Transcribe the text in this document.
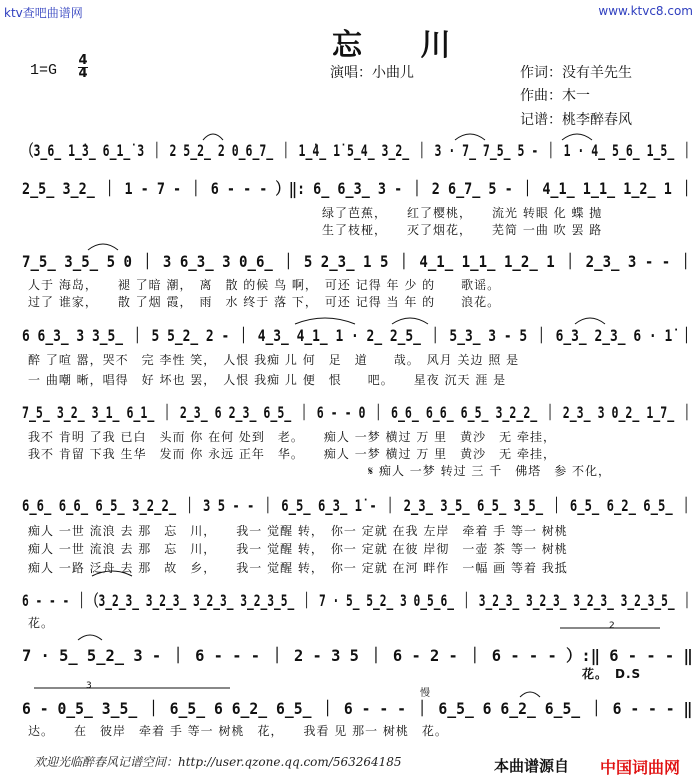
ktv查吧曲谱网	www.ktvc8.com
忘 川
1=G
4
4	演唱：小曲儿	作词：没有羊先生
作曲：木一
记谱：桃李醉春风
（3̲6̲ 1̲̇3̲ 6̲1̲̇ 3 ｜ 2 5̲2̲ 2 0̲6̲7̲ ｜ 1̲̇4̲ 1̇ 5̲4̲ 3̲2̲ ｜ 3 · 7̲ 7̲5̲ 5 - ｜ 1 · 4̲ 5̲6̲ 1̲5̲ ｜
2̲5̲ 3̲2̲ ｜ 1 - 7 - ｜ 6 - - - ）‖: 6̲ 6̲3̲ 3 - ｜ 2 6̲7̲ 5 - ｜ 4̲1̲ 1̲1̲ 1̲2̲ 1 ｜
绿了芭蕉，　　红了樱桃，　　流光 转眼 化 蝶 抛
生了枝桠，　　灭了烟花，　　芜简 一曲 吹 罢 路
7̲5̲ 3̲5̲ 5 0 ｜ 3 6̲3̲ 3 0̲6̲ ｜ 5 2̲3̲ 1 5 ｜ 4̲1̲ 1̲1̲ 1̲2̲ 1 ｜ 2̲3̲ 3 - - ｜
人于 海岛，　　褪 了暗 潮，　离　散 的候 鸟 啊，　可还 记得 年 少 的　　歌谣。
过了 谁家，　　散 了烟 霞，　雨　水 终于 落 下，　可还 记得 当 年 的　　浪花。
6 6̲3̲ 3 3̲5̲ ｜ 5 5̲2̲ 2 - ｜ 4̲3̲ 4̲1̲ 1 · 2̲ 2̲5̲ ｜ 5̲3̲ 3 - 5 ｜ 6̲3̲ 2̲3̲ 6 · 1̇ ｜
醉 了喧 嚣，哭不　完 李性 笑，　人恨 我痴 儿 何　足　道　　哉。　风月 关边 照 是
一 曲嘲 晰，唱得　好 坏也 罢，　人恨 我痴 儿 便　恨　　吧。　　星夜 沉天 涯 是
7̲5̲ 3̲2̲ 3̲1̲ 6̲1̲ ｜ 2̲3̲ 6 2̲3̲ 6̲5̲ ｜ 6 - - 0 ｜ 6̲6̲ 6̲6̲ 6̲5̲ 3̲2̲2̲ ｜ 2̲3̲ 3 0̲2̲ 1̲7̲ ｜
我不 肯明 了我 已白　头而 你 在何 处到　老。　　痴人 一梦 横过 万 里　黄沙　无 牵挂，
我不 肯留 下我 生华　发而 你 永远 正年　华。　　痴人 一梦 横过 万 里　黄沙　无 牵挂，
𝄋 痴人 一梦 转过 三 千　佛塔　参 不化，
6̲6̲ 6̲6̲ 6̲5̲ 3̲2̲2̲ ｜ 3 5 - - ｜ 6̲5̲ 6̲3̲ 1̇ - ｜ 2̲3̲ 3̲5̲ 6̲5̲ 3̲5̲ ｜ 6̲5̲ 6̲2̲ 6̲5̲ ｜
痴人 一世 流浪 去 那　忘　川，　　我一 觉醒 转，　你一 定就 在我 左岸　牵着 手 等一 树桃
痴人 一世 流浪 去 那　忘　川，　　我一 觉醒 转，　你一 定就 在彼 岸彻　一壶 茶 等一 树桃
痴人 一路 泛舟 去 那　故　乡，　　我一 觉醒 转，　你一 定就 在河 畔作　一幅 画 等着 我抵
6 - - - ｜（3̲2̲3̲ 3̲2̲3̲ 3̲2̲3̲ 3̲2̲3̲5̲ ｜ 7 · 5̲ 5̲2̲ 3 0̲5̲6̲ ｜ 3̲2̲3̲ 3̲2̲3̲ 3̲2̲3̲ 3̲2̲3̲5̲ ｜
花。	2
7 · 5̲ 5̲2̲ 3 - ｜ 6 - - - ｜ 2 - 3 5 ｜ 6 - 2 - ｜ 6 - - - ）:‖ 6 - - - ‖
花。　D.S
3
慢
6 - 0̲5̲ 3̲5̲ ｜ 6̲5̲ 6 6̲2̲ 6̲5̲ ｜ 6 - - - ｜ 6̲5̲ 6 6̲2̲ 6̲5̲ ｜ 6 - - - ‖
达。　　在　彼岸　牵着 手 等一 树桃　花，　　我看 见 那一 树桃　花。
欢迎光临醉春风记谱空间：http://user.qzone.qq.com/563264185	本曲谱源自 中国词曲网
